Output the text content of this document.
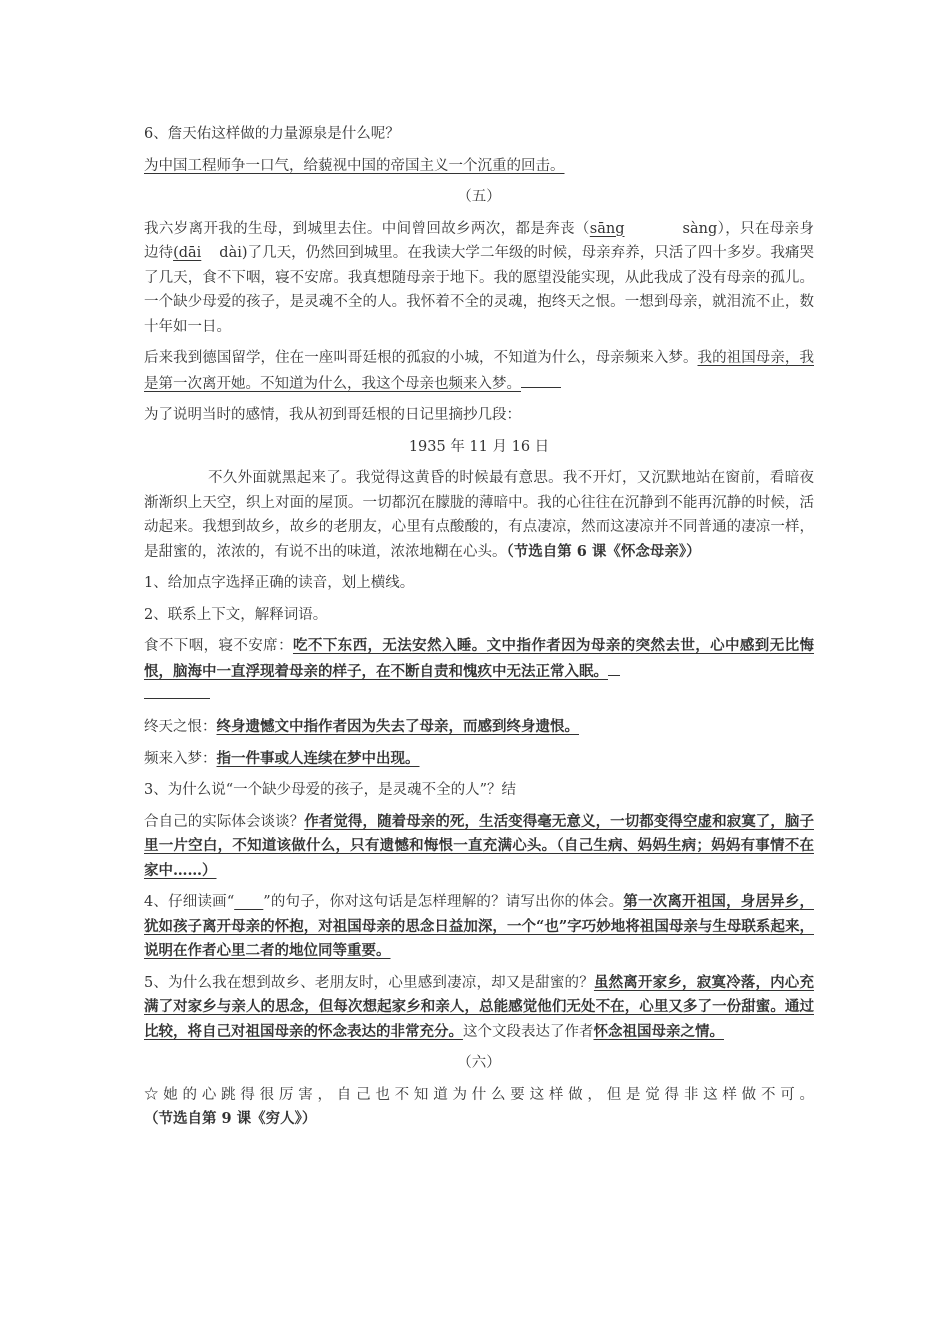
6、詹天佑这样做的力量源泉是什么呢？

为中国工程师争一口气，给藐视中国的帝国主义一个沉重的回击。

（五）

我六岁离开我的生母，到城里去住。中间曾回故乡两次，都是奔丧（sāng	sàng），只在母亲身边待(dāi dài)了几天，仍然回到城里。在我读大学二年级的时候，母亲弃养，只活了四十多岁。我痛哭了几天，食不下咽，寝不安席。我真想随母亲于地下。我的愿望没能实现，从此我成了没有母亲的孤儿。一个缺少母爱的孩子，是灵魂不全的人。我怀着不全的灵魂，抱终天之恨。一想到母亲，就泪流不止，数十年如一日。

后来我到德国留学，住在一座叫哥廷根的孤寂的小城，不知道为什么，母亲频来入梦。我的祖国母亲，我是第一次离开她。不知道为什么，我这个母亲也频来入梦。

为了说明当时的感情，我从初到哥廷根的日记里摘抄几段：

1935 年 11 月 16 日

不久外面就黑起来了。我觉得这黄昏的时候最有意思。我不开灯，又沉默地站在窗前，看暗夜渐渐织上天空，织上对面的屋顶。一切都沉在朦胧的薄暗中。我的心往往在沉静到不能再沉静的时候，活动起来。我想到故乡，故乡的老朋友，心里有点酸酸的，有点凄凉，然而这凄凉并不同普通的凄凉一样，是甜蜜的，浓浓的，有说不出的味道，浓浓地糊在心头。（节选自第 6 课《怀念母亲》）

1、给加点字选择正确的读音，划上横线。

2、联系上下文，解释词语。

食不下咽，寝不安席：吃不下东西，无法安然入睡。文中指作者因为母亲的突然去世，心中感到无比悔恨，脑海中一直浮现着母亲的样子，在不断自责和愧疚中无法正常入眠。

终天之恨：终身遗憾文中指作者因为失去了母亲，而感到终身遗恨。

频来入梦：指一件事或人连续在梦中出现。

3、为什么说“一个缺少母爱的孩子，是灵魂不全的人”？结

合自己的实际体会谈谈？作者觉得，随着母亲的死，生活变得毫无意义，一切都变得空虚和寂寞了，脑子里一片空白，不知道该做什么，只有遗憾和悔恨一直充满心头。（自己生病、妈妈生病；妈妈有事情不在家中……）

4、仔细读画“____”的句子，你对这句话是怎样理解的？请写出你的体会。第一次离开祖国，身居异乡，犹如孩子离开母亲的怀抱，对祖国母亲的思念日益加深，一个“也”字巧妙地将祖国母亲与生母联系起来，说明在作者心里二者的地位同等重要。

5、为什么我在想到故乡、老朋友时，心里感到凄凉，却又是甜蜜的？虽然离开家乡，寂寞冷落，内心充满了对家乡与亲人的思念，但每次想起家乡和亲人，总能感觉他们无处不在，心里又多了一份甜蜜。通过比较，将自己对祖国母亲的怀念表达的非常充分。这个文段表达了作者怀念祖国母亲之情。

（六）

☆她的心跳得很厉害，自己也不知道为什么要这样做，但是觉得非这样做不可。（节选自第 9 课《穷人》）
